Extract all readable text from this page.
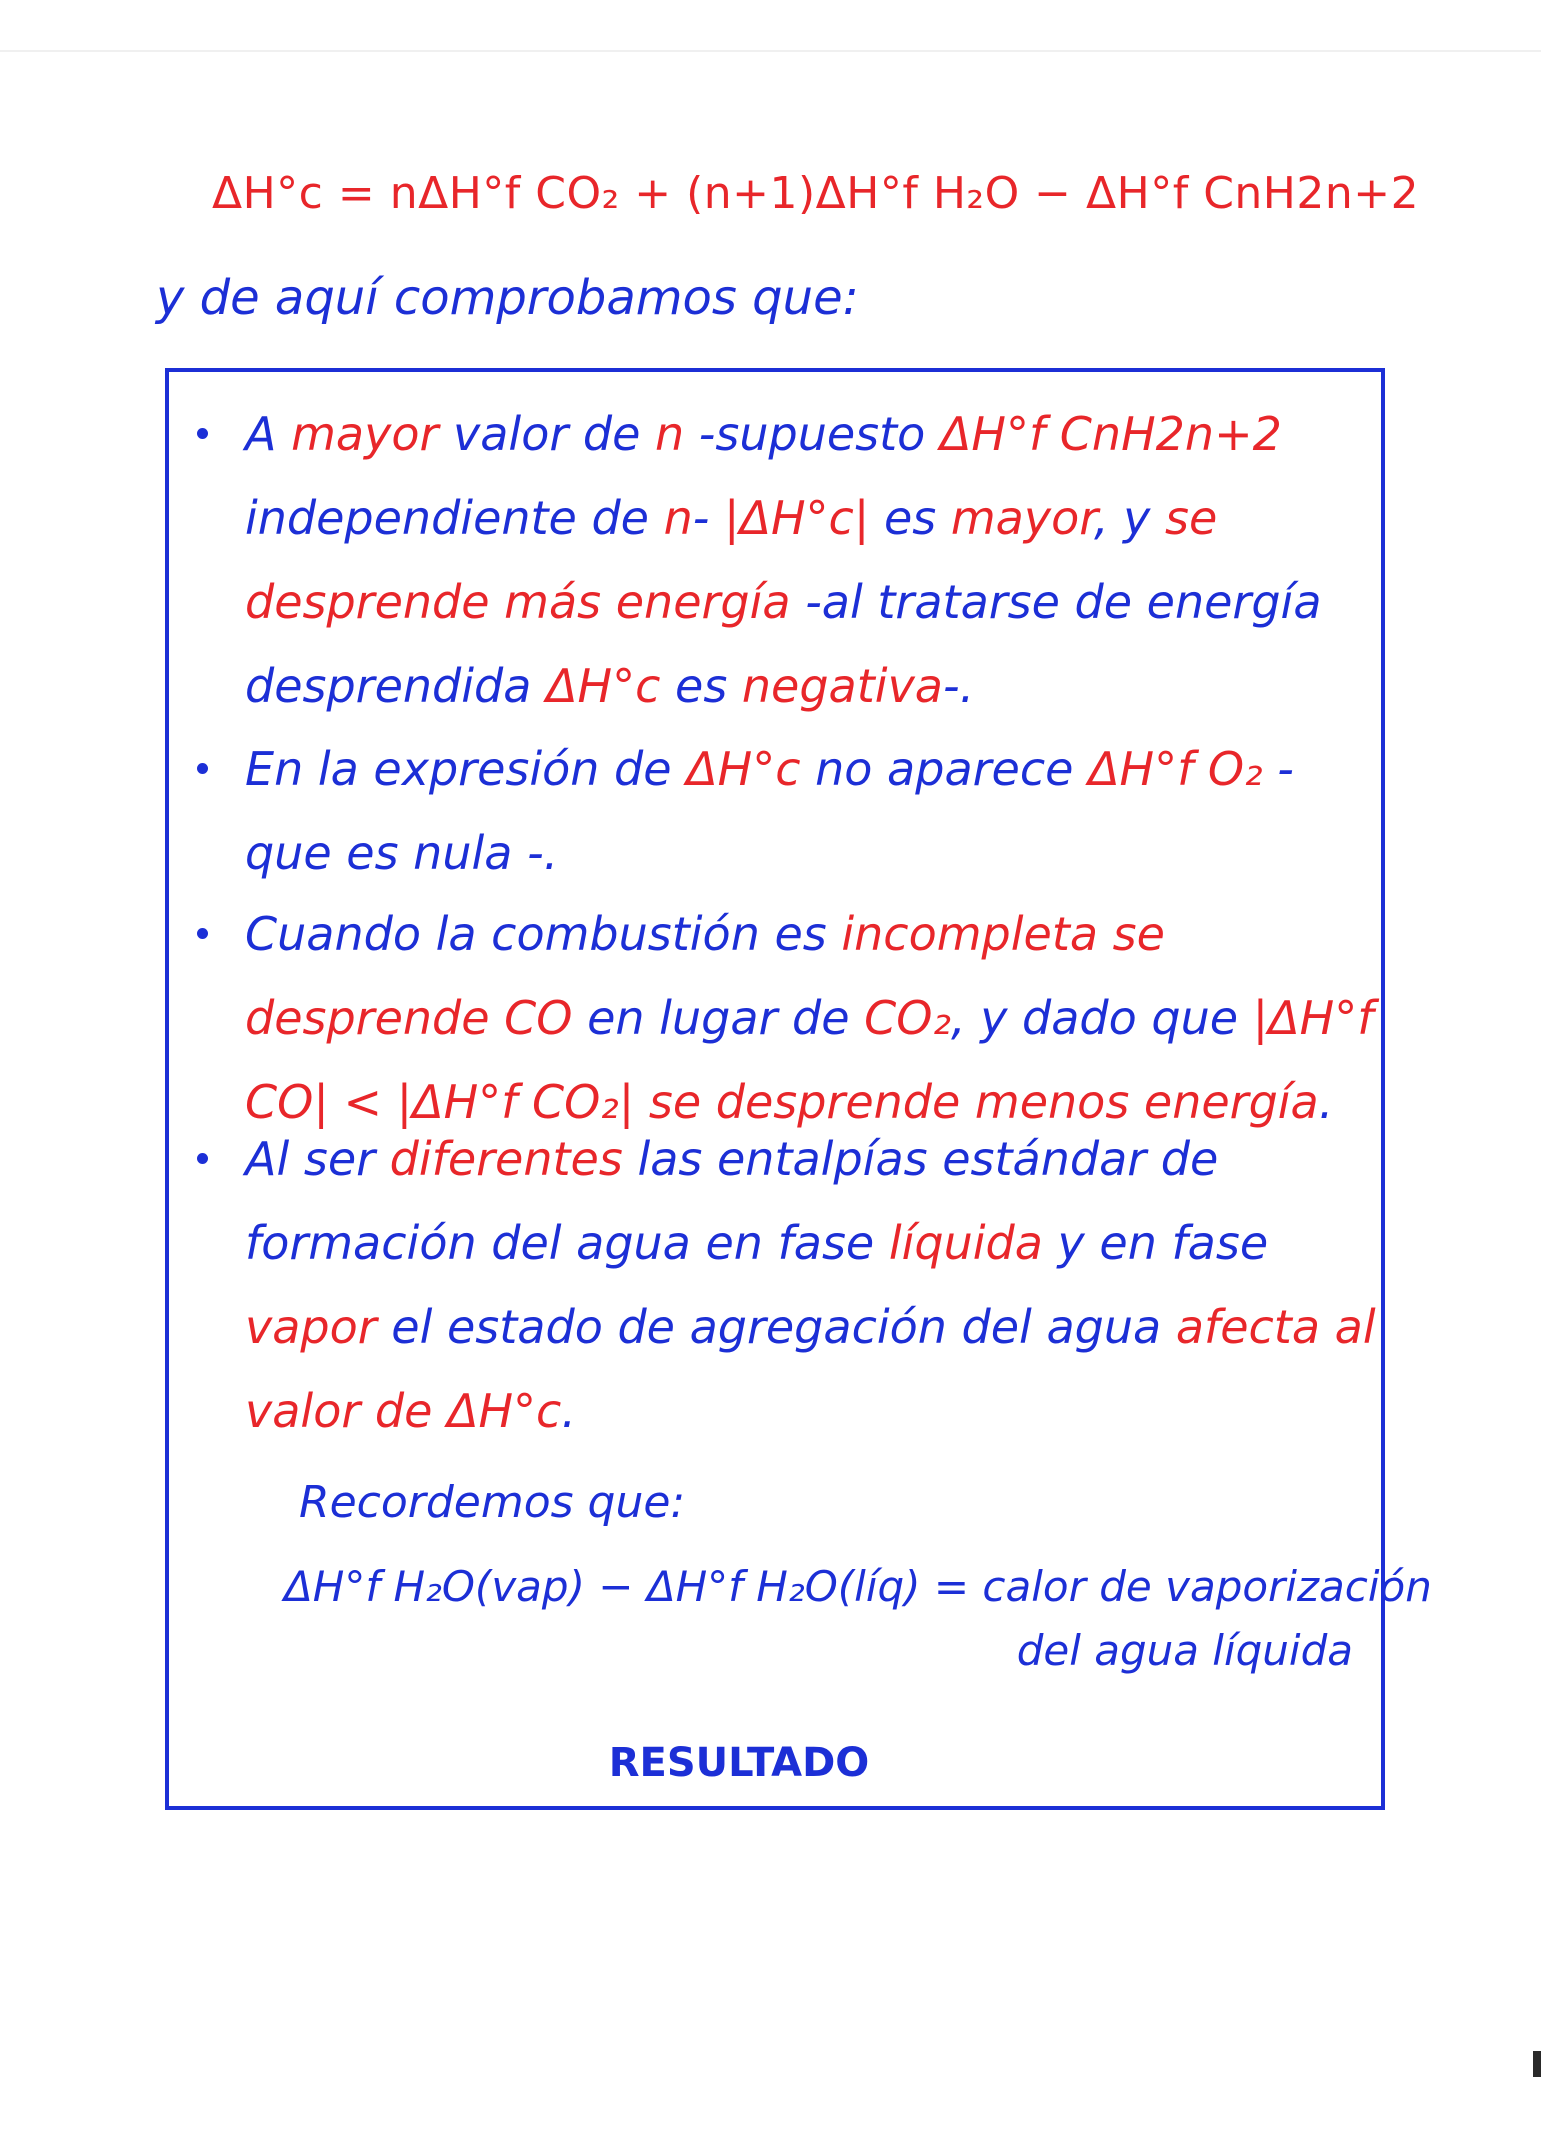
ΔH°c = nΔH°f CO₂ + (n+1)ΔH°f H₂O − ΔH°f CnH2n+2
y de aquí comprobamos que:
A mayor valor de n -supuesto ΔH°f CnH2n+2 independiente de n- |ΔH°c| es mayor, y se desprende más energía -al tratarse de energía desprendida ΔH°c es negativa-.
En la expresión de ΔH°c no aparece ΔH°f O₂ -que es nula -.
Cuando la combustión es incompleta se desprende CO en lugar de CO₂, y dado que |ΔH°f CO| < |ΔH°f CO₂| se desprende menos energía.
Al ser diferentes las entalpías estándar de formación del agua en fase líquida y en fase vapor el estado de agregación del agua afecta al valor de ΔH°c.
Recordemos que:
ΔH°f H₂O(vap) − ΔH°f H₂O(líq) = calor de vaporización
del agua líquida
RESULTADO
